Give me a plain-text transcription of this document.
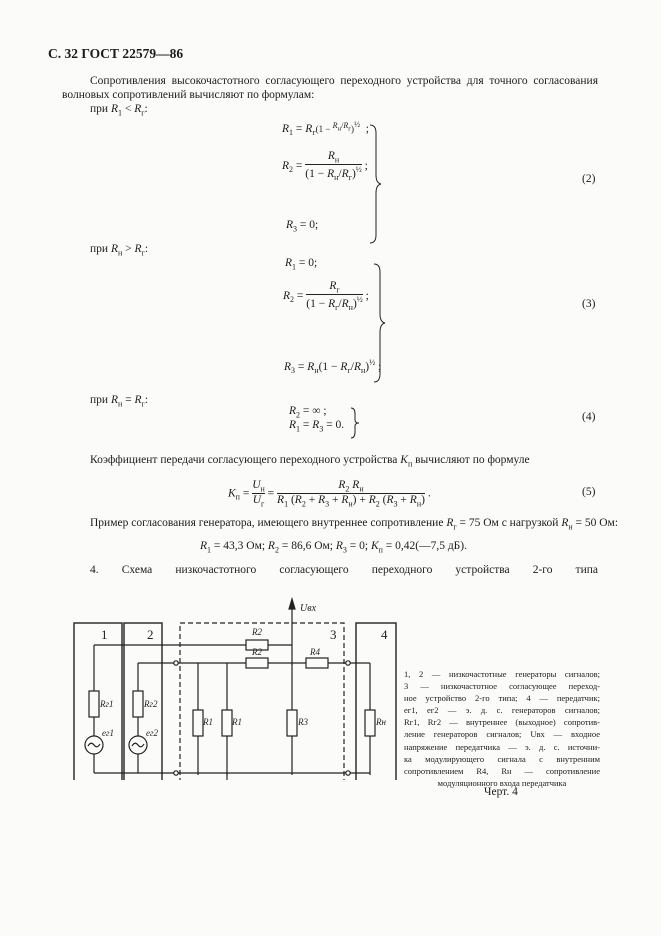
С. 32 ГОСТ 22579—86
Сопротивления высокочастотного согласующего переходного устройства для точного согласования
волновых сопротивлений вычисляют по формулам:
при $R_1 < R_г$:
$R_1 = R_г(1 - ^{R_н/R_г})^{\frac{1}{2}}$  ;
$R_2$ =
$R_н$
$(1 - R_н/R_г)^{\frac{1}{2}}$ ;
$R_3 = 0$;
(2)
при $R_н > R_г$:
$R_1 = 0$;
$R_2$ =
$R_г$
$(1 - R_г/R_н)^{\frac{1}{2}}$ ;
$R_3 = R_н(1 - R_г/R_н)^{\frac{1}{2}}$ ;
(3)
при $R_н = R_г$:
$R_2$ = ∞ ;
$R_1 = R_3 = 0$.
(4)
Коэффициент передачи согласующего переходного устройства $K_п$ вычисляют по формуле
$K_п$ =
$U_н$
$U_г$
=
$R_2$ $R_н$
$R_1$ $(R_2 + R_3 + R_н) + R_2$ $(R_3 + R_н)$
.	(5)
Пример согласования генератора, имеющего внутреннее сопротивление $R_г = 75$ Ом с нагрузкой $R_н = 50$ Ом:
$R_1 = 43,3$ Ом; $R_2 = 86,6$ Ом; $R_3 = 0$; $K_п$ = 0,42(—7,5 дБ).
4. Схема низкочастотного согласующего переходного устройства 2-го типа
1	2	3	4
Uвх
Rг1
eг1
Rг2
eг2
R2
R2	R4
R1 R1	R3	Rн
1, 2 — низкочастотные генераторы сигналов;
3 — низкочастотное согласующее переход-
ное устройство 2-го типа; 4 — передатчик;
eг1, eг2 — э. д. с. генераторов сигналов;
Rг1, Rг2 — внутреннее (выходное) сопротив-
ление генераторов сигналов; Uвх — входное
напряжение передатчика — э. д. с. источни-
ка модулирующего сигнала с внутренним
сопротивлением R4, Rн — сопротивление
модуляционного входа передатчика
Черт. 4
